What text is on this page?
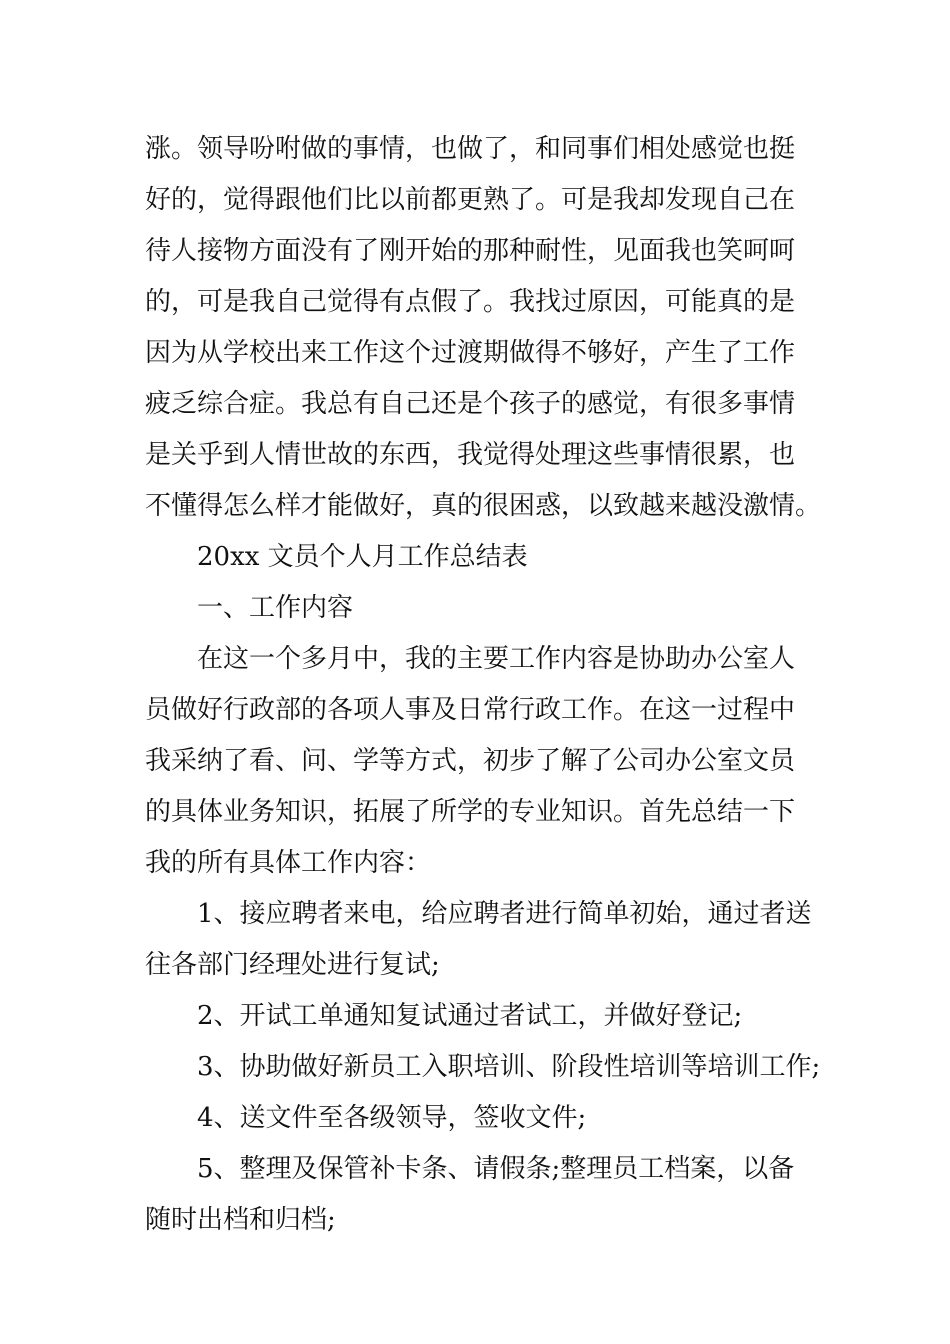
涨。领导吩咐做的事情，也做了，和同事们相处感觉也挺
好的，觉得跟他们比以前都更熟了。可是我却发现自己在
待人接物方面没有了刚开始的那种耐性，见面我也笑呵呵
的，可是我自己觉得有点假了。我找过原因，可能真的是
因为从学校出来工作这个过渡期做得不够好，产生了工作
疲乏综合症。我总有自己还是个孩子的感觉，有很多事情
是关乎到人情世故的东西，我觉得处理这些事情很累，也
不懂得怎么样才能做好，真的很困惑，以致越来越没激情。
20xx 文员个人月工作总结表
一、工作内容
在这一个多月中，我的主要工作内容是协助办公室人
员做好行政部的各项人事及日常行政工作。在这一过程中
我采纳了看、问、学等方式，初步了解了公司办公室文员
的具体业务知识，拓展了所学的专业知识。首先总结一下
我的所有具体工作内容：
1、接应聘者来电，给应聘者进行简单初始，通过者送
往各部门经理处进行复试;
2、开试工单通知复试通过者试工，并做好登记;
3、协助做好新员工入职培训、阶段性培训等培训工作;
4、送文件至各级领导，签收文件;
5、整理及保管补卡条、请假条;整理员工档案，以备
随时出档和归档;
